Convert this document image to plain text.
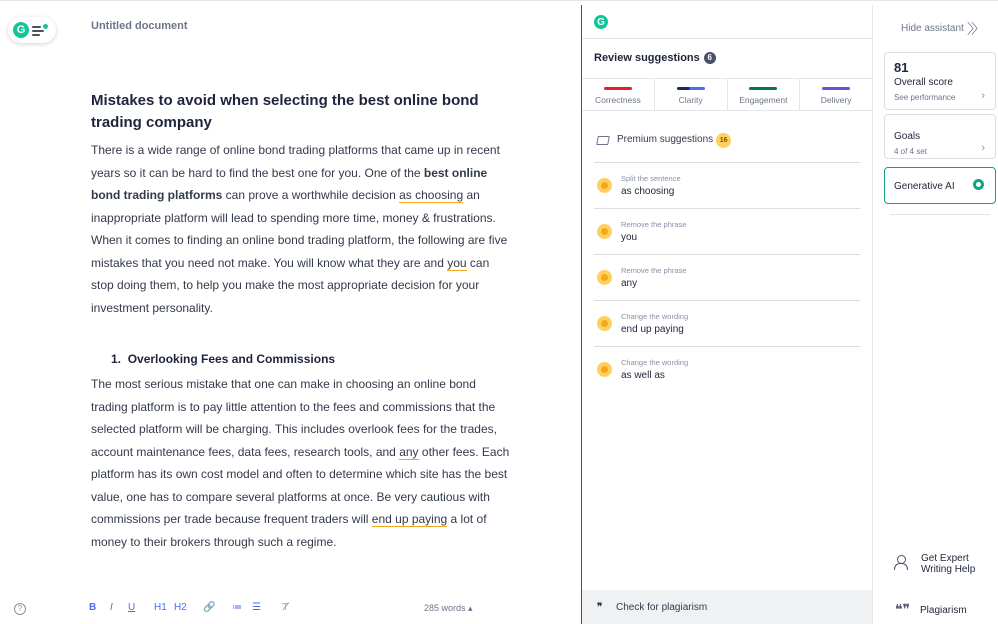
G	Untitled document
Mistakes to avoid when selecting the best online bond trading company
There is a wide range of online bond trading platforms that came up in recent years so it can be hard to find the best one for you. One of the best online bond trading platforms can prove a worthwhile decision as choosing an inappropriate platform will lead to spending more time, money & frustrations. When it comes to finding an online bond trading platform, the following are five mistakes that you need not make. You will know what they are and you can stop doing them, to help you make the most appropriate decision for your investment personality.
1. Overlooking Fees and Commissions
The most serious mistake that one can make in choosing an online bond trading platform is to pay little attention to the fees and commissions that the selected platform will be charging. This includes overlook fees for the trades, account maintenance fees, data fees, research tools, and any other fees. Each platform has its own cost model and often to determine which site has the best value, one has to compare several platforms at once. Be very cautious with commissions per trade because frequent traders will end up paying a lot of money to their brokers through such a regime.
?	B I U H1 H2 🔗 ≔ ☰ ⊤̸	285 words ▴
G
Review suggestions 6
Correctness	Clarity	Engagement	Delivery
Premium suggestions 16
Split the sentence
as choosing
Remove the phrase
you
Remove the phrase
any
Change the wording
end up paying
Change the wording
as well as
❞ Check for plagiarism
Hide assistant 〉〉
81
Overall score
See performance ›
Goals
4 of 4 set	›
Generative AI
Get Expert
Writing Help
❝❞ Plagiarism
